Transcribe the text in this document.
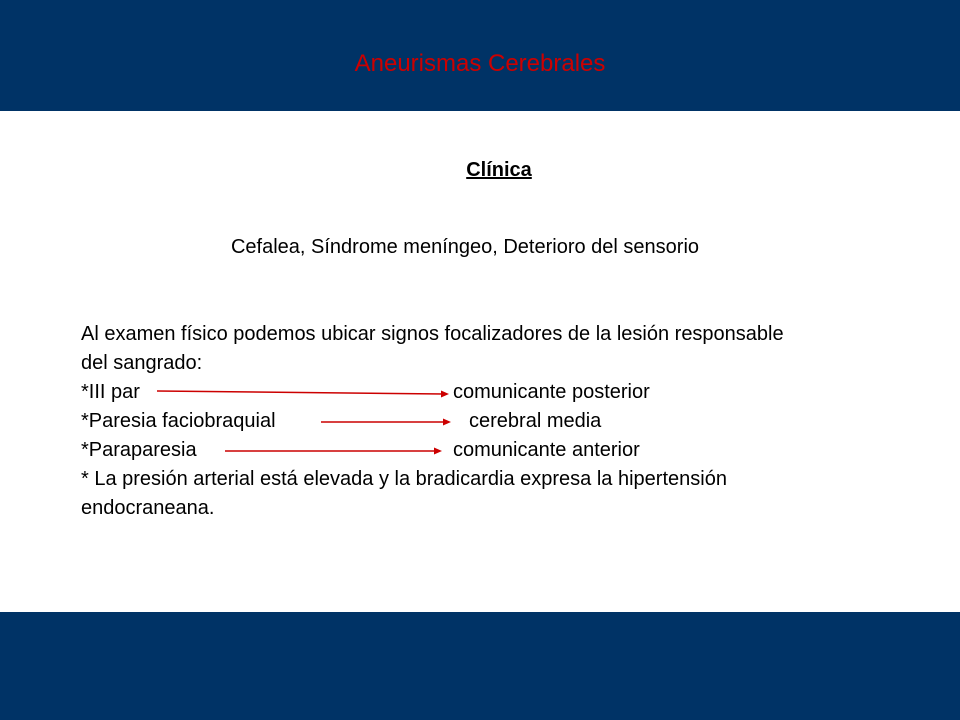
Aneurismas Cerebrales
Clínica
Cefalea, Síndrome meníngeo, Deterioro del sensorio
Al examen físico podemos ubicar signos focalizadores de la lesión responsable del sangrado:
*III par	comunicante posterior
*Paresia faciobraquial	cerebral media
*Paraparesia	comunicante anterior
* La presión arterial está elevada y la bradicardia expresa la hipertensión endocraneana.
